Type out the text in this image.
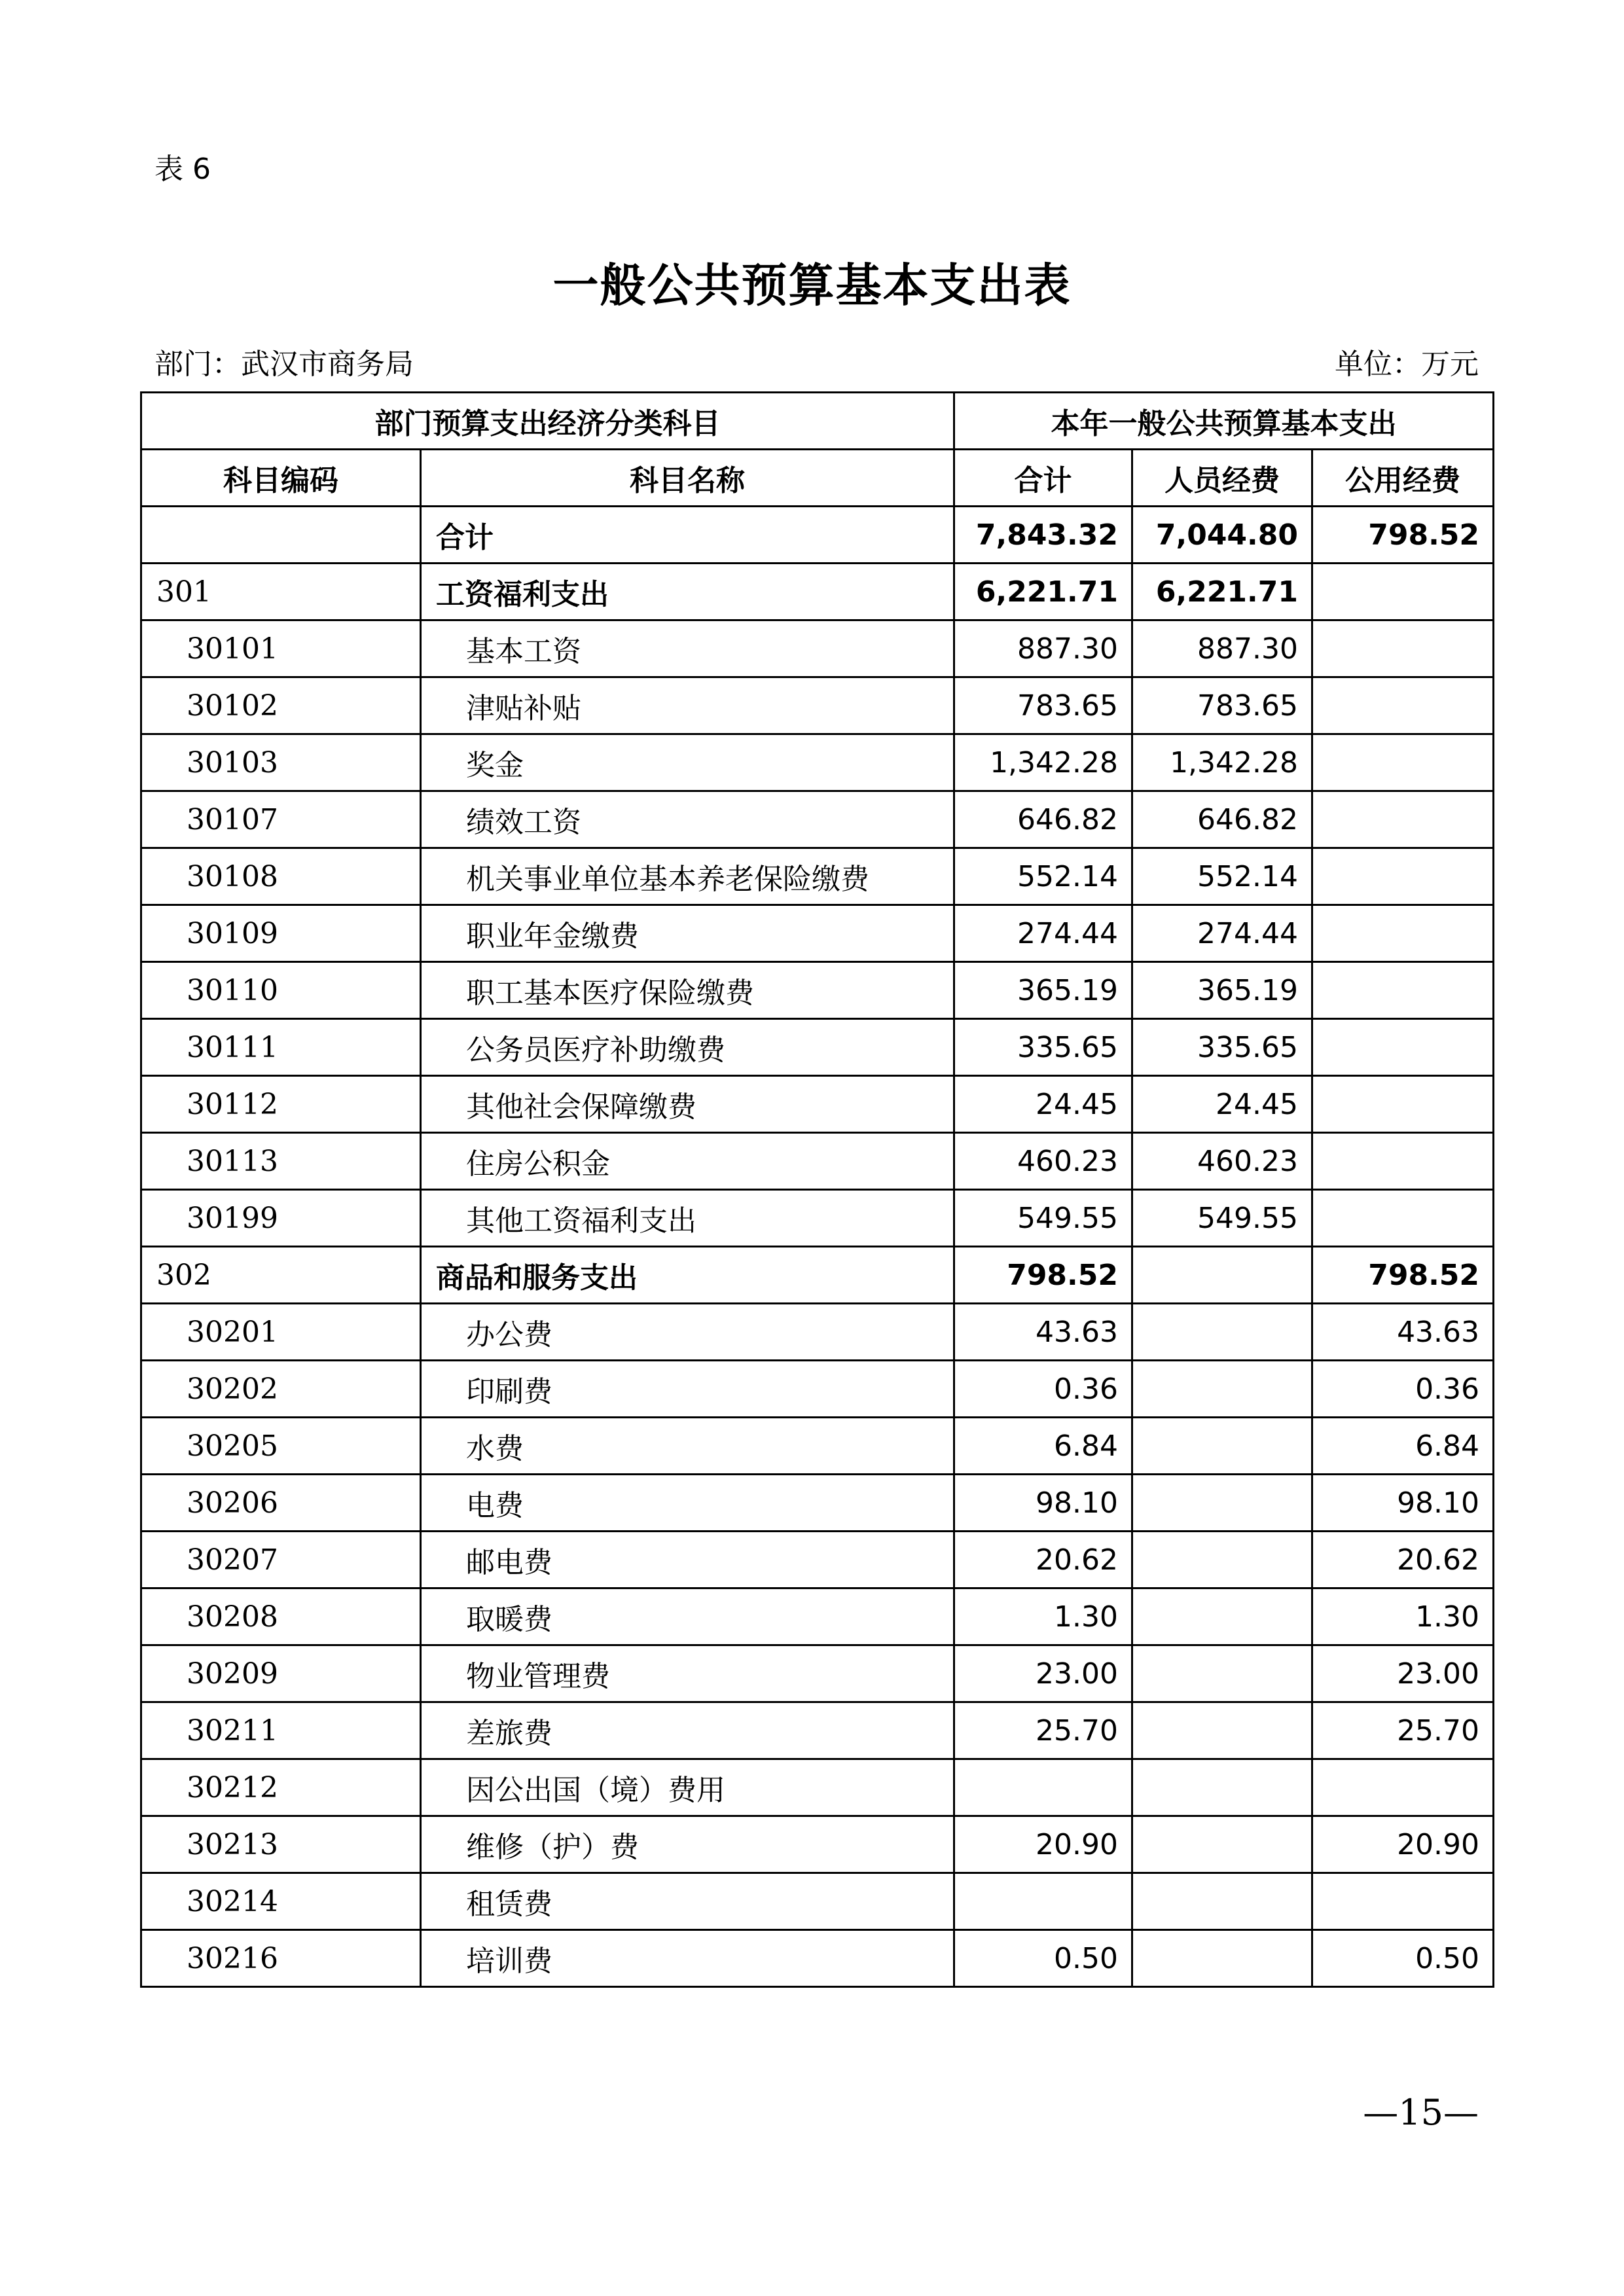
表 6
一般公共预算基本支出表
部门：武汉市商务局	单位：万元
部门预算支出经济分类科目		本年一般公共预算基本支出		
科目编码	科目名称	合计	人员经费	公用经费
	合计	7,843.32	7,044.80	798.52
301	工资福利支出	6,221.71	6,221.71	
30101	基本工资	887.30	887.30	
30102	津贴补贴	783.65	783.65	
30103	奖金	1,342.28	1,342.28	
30107	绩效工资	646.82	646.82	
30108	机关事业单位基本养老保险缴费	552.14	552.14	
30109	职业年金缴费	274.44	274.44	
30110	职工基本医疗保险缴费	365.19	365.19	
30111	公务员医疗补助缴费	335.65	335.65	
30112	其他社会保障缴费	24.45	24.45	
30113	住房公积金	460.23	460.23	
30199	其他工资福利支出	549.55	549.55	
302	商品和服务支出	798.52		798.52
30201	办公费	43.63		43.63
30202	印刷费	0.36		0.36
30205	水费	6.84		6.84
30206	电费	98.10		98.10
30207	邮电费	20.62		20.62
30208	取暖费	1.30		1.30
30209	物业管理费	23.00		23.00
30211	差旅费	25.70		25.70
30212	因公出国（境）费用			
30213	维修（护）费	20.90		20.90
30214	租赁费			
30216	培训费	0.50		0.50
—15—
